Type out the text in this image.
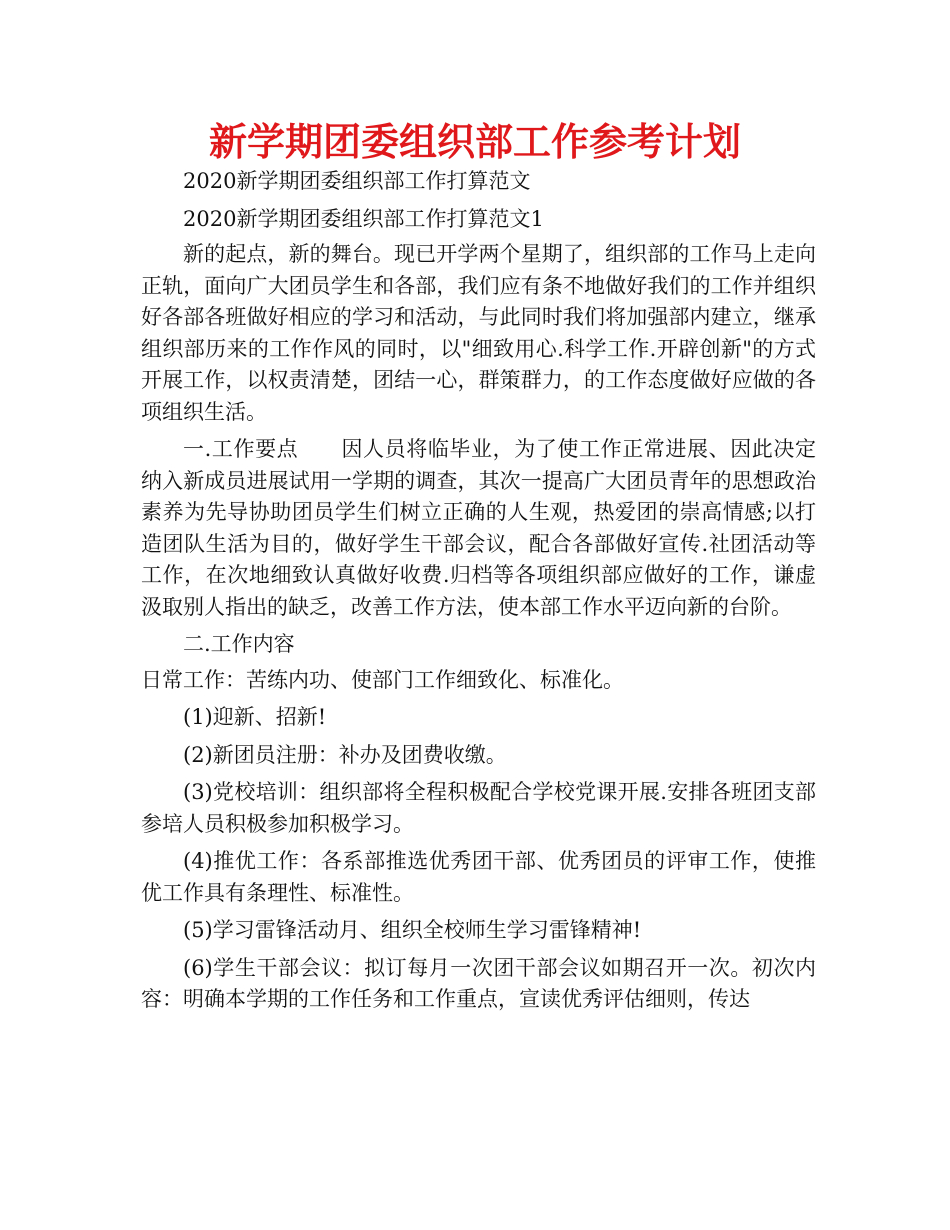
新学期团委组织部工作参考计划

2020新学期团委组织部工作打算范文

2020新学期团委组织部工作打算范文1

新的起点，新的舞台。现已开学两个星期了，组织部的工作马上走向正轨，面向广大团员学生和各部，我们应有条不地做好我们的工作并组织好各部各班做好相应的学习和活动，与此同时我们将加强部内建立，继承组织部历来的工作作风的同时，以"细致用心.科学工作.开辟创新"的方式开展工作，以权责清楚，团结一心，群策群力，的工作态度做好应做的各项组织生活。

一.工作要点　　因人员将临毕业，为了使工作正常进展、因此决定纳入新成员进展试用一学期的调查，其次一提高广大团员青年的思想政治素养为先导协助团员学生们树立正确的人生观，热爱团的崇高情感;以打造团队生活为目的，做好学生干部会议，配合各部做好宣传.社团活动等工作，在次地细致认真做好收费.归档等各项组织部应做好的工作，谦虚汲取别人指出的缺乏，改善工作方法，使本部工作水平迈向新的台阶。

二.工作内容

日常工作：苦练内功、使部门工作细致化、标准化。

(1)迎新、招新!

(2)新团员注册：补办及团费收缴。

(3)党校培训：组织部将全程积极配合学校党课开展.安排各班团支部参培人员积极参加积极学习。

(4)推优工作：各系部推选优秀团干部、优秀团员的评审工作，使推优工作具有条理性、标准性。

(5)学习雷锋活动月、组织全校师生学习雷锋精神!

(6)学生干部会议：拟订每月一次团干部会议如期召开一次。初次内容：明确本学期的工作任务和工作重点，宣读优秀评估细则，传达
